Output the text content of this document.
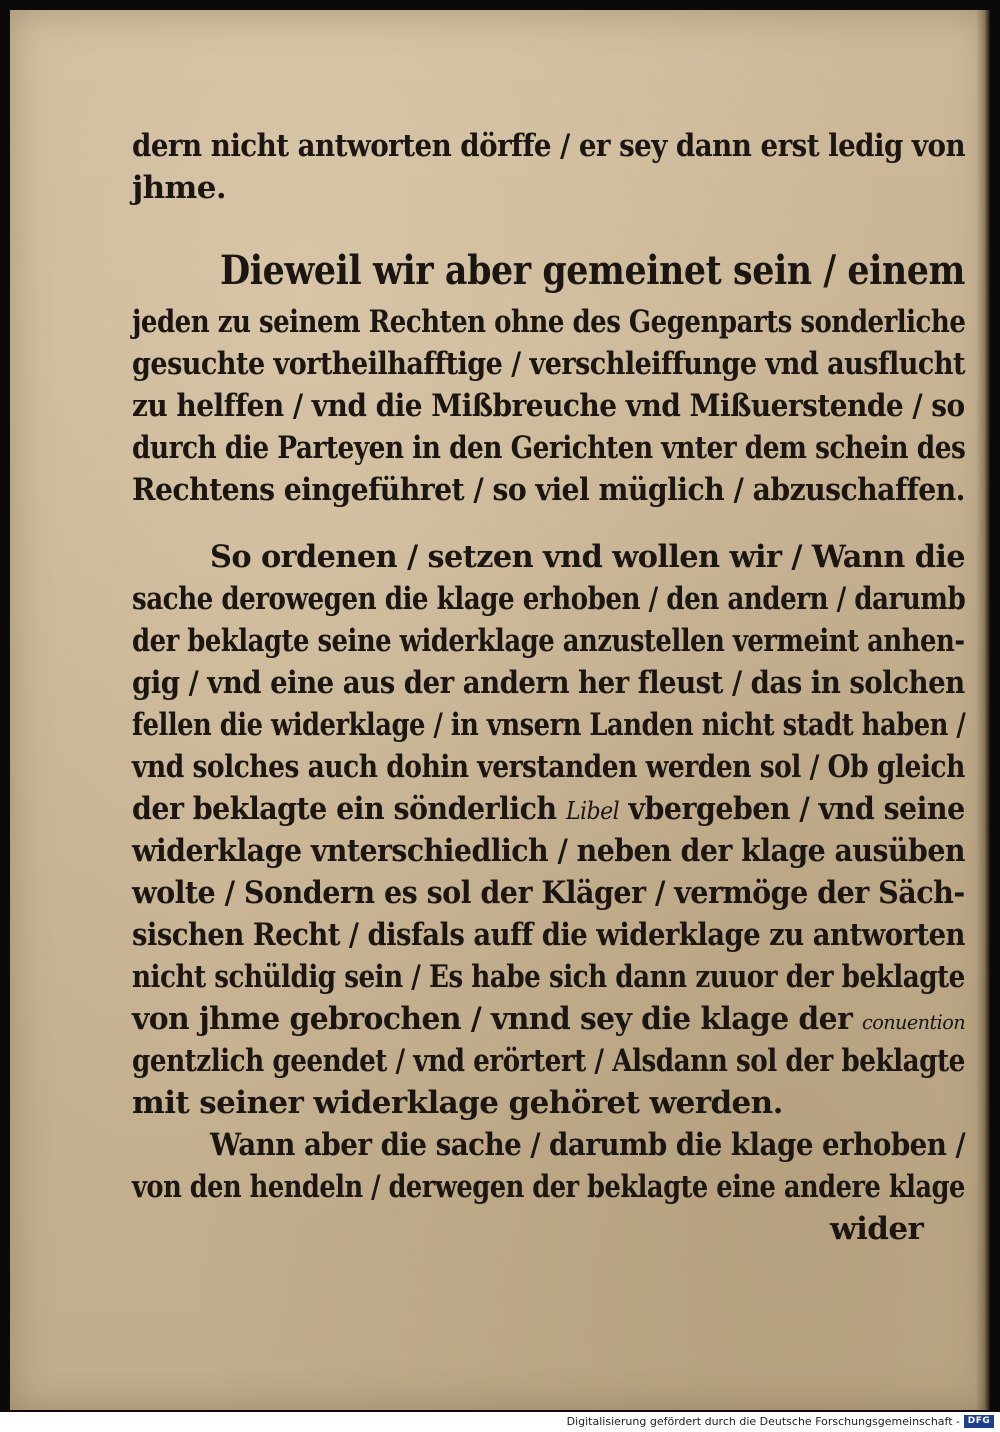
dern nicht antworten dörffe / er sey dann erst ledig von
jhme.
Dieweil wir aber gemeinet sein / einem
jeden zu seinem Rechten ohne des Gegenparts sonderliche
gesuchte vortheilhafftige / verschleiffunge vnd ausflucht
zu helffen / vnd die Mißbreuche vnd Mißuerstende / so
durch die Parteyen in den Gerichten vnter dem schein des
Rechtens eingeführet / so viel müglich / abzuschaffen.
So ordenen / setzen vnd wollen wir / Wann die
sache derowegen die klage erhoben / den andern / darumb
der beklagte seine widerklage anzustellen vermeint anhen-
gig / vnd eine aus der andern her fleust / das in solchen
fellen die widerklage / in vnsern Landen nicht stadt haben /
vnd solches auch dohin verstanden werden sol / Ob gleich
der beklagte ein sönderlich Libel vbergeben / vnd seine
widerklage vnterschiedlich / neben der klage ausüben
wolte / Sondern es sol der Kläger / vermöge der Säch-
sischen Recht / disfals auff die widerklage zu antworten
nicht schüldig sein / Es habe sich dann zuuor der beklagte
von jhme gebrochen / vnnd sey die klage der conuention
gentzlich geendet / vnd erörtert / Alsdann sol der beklagte
mit seiner widerklage gehöret werden.
Wann aber die sache / darumb die klage erhoben /
von den hendeln / derwegen der beklagte eine andere klage
wider
Digitalisierung gefördert durch die Deutsche Forschungsgemeinschaft - DFG
